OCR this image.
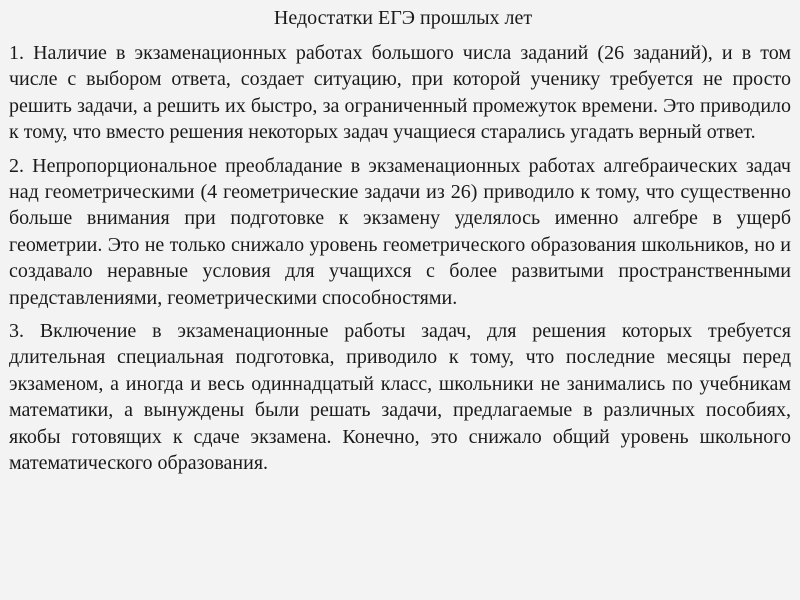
Недостатки ЕГЭ прошлых лет

1. Наличие в экзаменационных работах большого числа заданий (26 заданий), и в том числе с выбором ответа, создает ситуацию, при которой ученику требуется не просто решить задачи, а решить их быстро, за ограниченный промежуток времени. Это приводило к тому, что вместо решения некоторых задач учащиеся старались угадать верный ответ.

2. Непропорциональное преобладание в экзаменационных работах алгебраических задач над геометрическими (4 геометрические задачи из 26) приводило к тому, что существенно больше внимания при подготовке к экзамену уделялось именно алгебре в ущерб геометрии. Это не только снижало уровень геометрического образования школьников, но и создавало неравные условия для учащихся с более развитыми пространственными представлениями, геометрическими способностями.

3. Включение в экзаменационные работы задач, для решения которых требуется длительная специальная подготовка, приводило к тому, что последние месяцы перед экзаменом, а иногда и весь одиннадцатый класс, школьники не занимались по учебникам математики, а вынуждены были решать задачи, предлагаемые в различных пособиях, якобы готовящих к сдаче экзамена. Конечно, это снижало общий уровень школьного математического образования.
